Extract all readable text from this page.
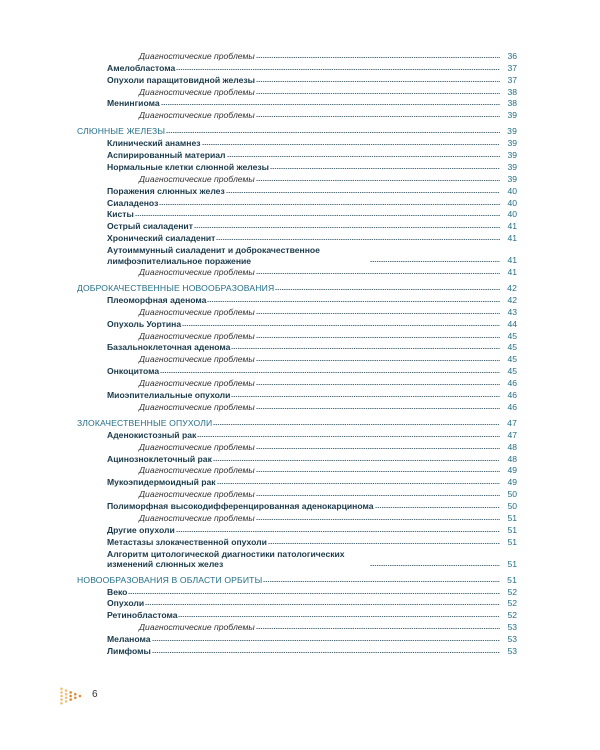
Диагностические проблемы	36
Амелобластома	37
Опухоли паращитовидной железы	37
Диагностические проблемы	38
Менингиома	38
Диагностические проблемы	39
СЛЮННЫЕ ЖЕЛЕЗЫ	39
Клинический анамнез	39
Аспирированный материал	39
Нормальные клетки слюнной железы	39
Диагностические проблемы	39
Поражения слюнных желез	40
Сиаладеноз	40
Кисты	40
Острый сиаладенит	41
Хронический сиаладенит	41
Аутоиммунный сиаладенит и доброкачественное лимфоэпителиальное поражение	41
Диагностические проблемы	41
ДОБРОКАЧЕСТВЕННЫЕ НОВООБРАЗОВАНИЯ	42
Плеоморфная аденома	42
Диагностические проблемы	43
Опухоль Уортина	44
Диагностические проблемы	45
Базальноклеточная аденома	45
Диагностические проблемы	45
Онкоцитома	45
Диагностические проблемы	46
Миоэпителиальные опухоли	46
Диагностические проблемы	46
ЗЛОКАЧЕСТВЕННЫЕ ОПУХОЛИ	47
Аденокистозный рак	47
Диагностические проблемы	48
Ацинозноклеточный рак	48
Диагностические проблемы	49
Мукоэпидермоидный рак	49
Диагностические проблемы	50
Полиморфная высокодифференцированная аденокарцинома	50
Диагностические проблемы	51
Другие опухоли	51
Метастазы злокачественной опухоли	51
Алгоритм цитологической диагностики патологических изменений слюнных желез	51
НОВООБРАЗОВАНИЯ В ОБЛАСТИ ОРБИТЫ	51
Веко	52
Опухоли	52
Ретинобластома	52
Диагностические проблемы	53
Меланома	53
Лимфомы	53
6
